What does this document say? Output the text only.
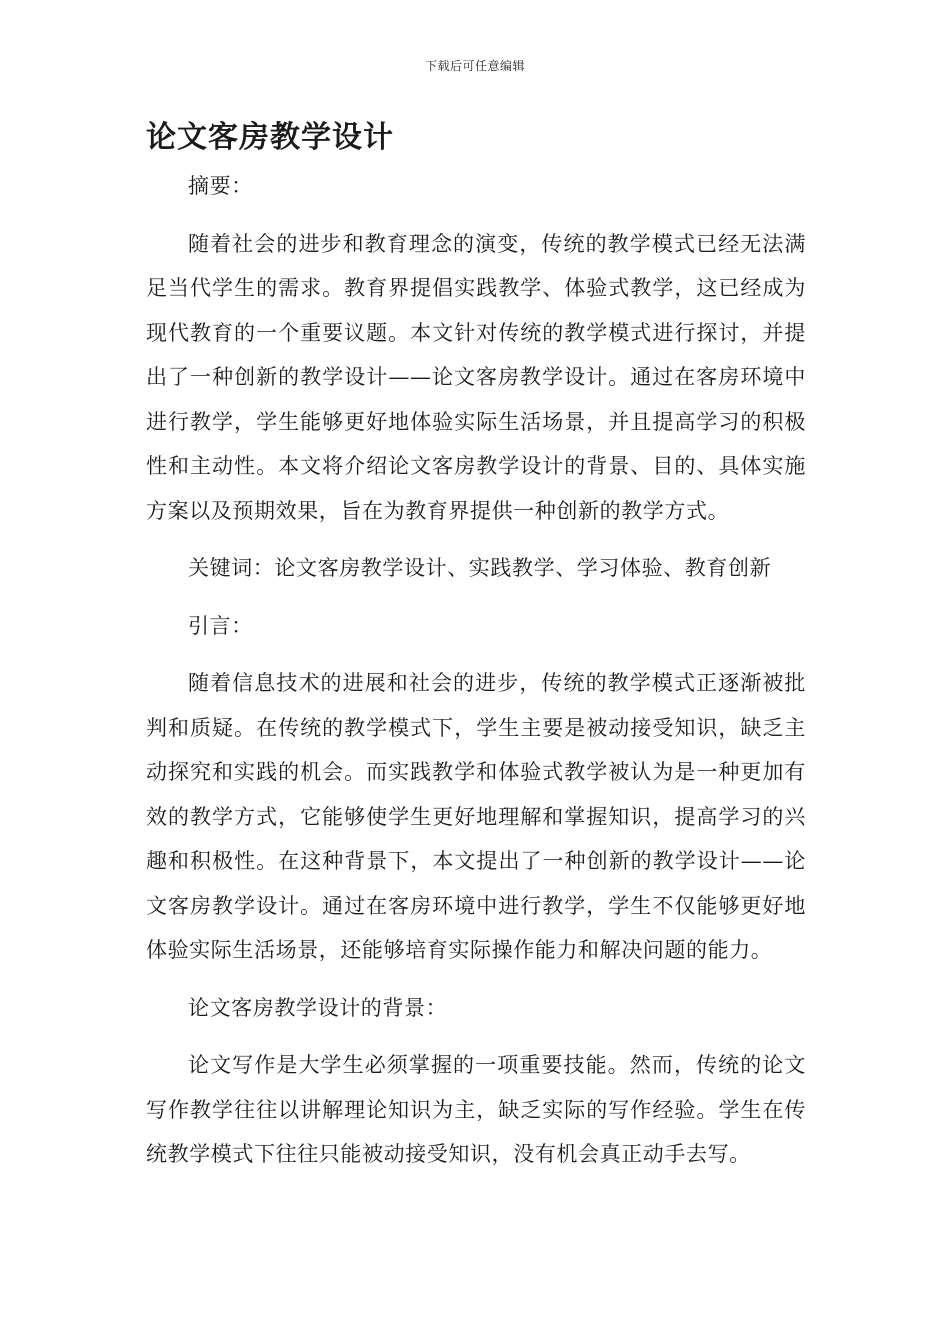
下载后可任意编辑
论文客房教学设计

摘要：

随着社会的进步和教育理念的演变，传统的教学模式已经无法满足当代学生的需求。教育界提倡实践教学、体验式教学，这已经成为现代教育的一个重要议题。本文针对传统的教学模式进行探讨，并提出了一种创新的教学设计——论文客房教学设计。通过在客房环境中进行教学，学生能够更好地体验实际生活场景，并且提高学习的积极性和主动性。本文将介绍论文客房教学设计的背景、目的、具体实施方案以及预期效果，旨在为教育界提供一种创新的教学方式。

关键词：论文客房教学设计、实践教学、学习体验、教育创新

引言：

随着信息技术的进展和社会的进步，传统的教学模式正逐渐被批判和质疑。在传统的教学模式下，学生主要是被动接受知识，缺乏主动探究和实践的机会。而实践教学和体验式教学被认为是一种更加有效的教学方式，它能够使学生更好地理解和掌握知识，提高学习的兴趣和积极性。在这种背景下，本文提出了一种创新的教学设计——论文客房教学设计。通过在客房环境中进行教学，学生不仅能够更好地体验实际生活场景，还能够培育实际操作能力和解决问题的能力。

论文客房教学设计的背景：

论文写作是大学生必须掌握的一项重要技能。然而，传统的论文写作教学往往以讲解理论知识为主，缺乏实际的写作经验。学生在传统教学模式下往往只能被动接受知识，没有机会真正动手去写。
